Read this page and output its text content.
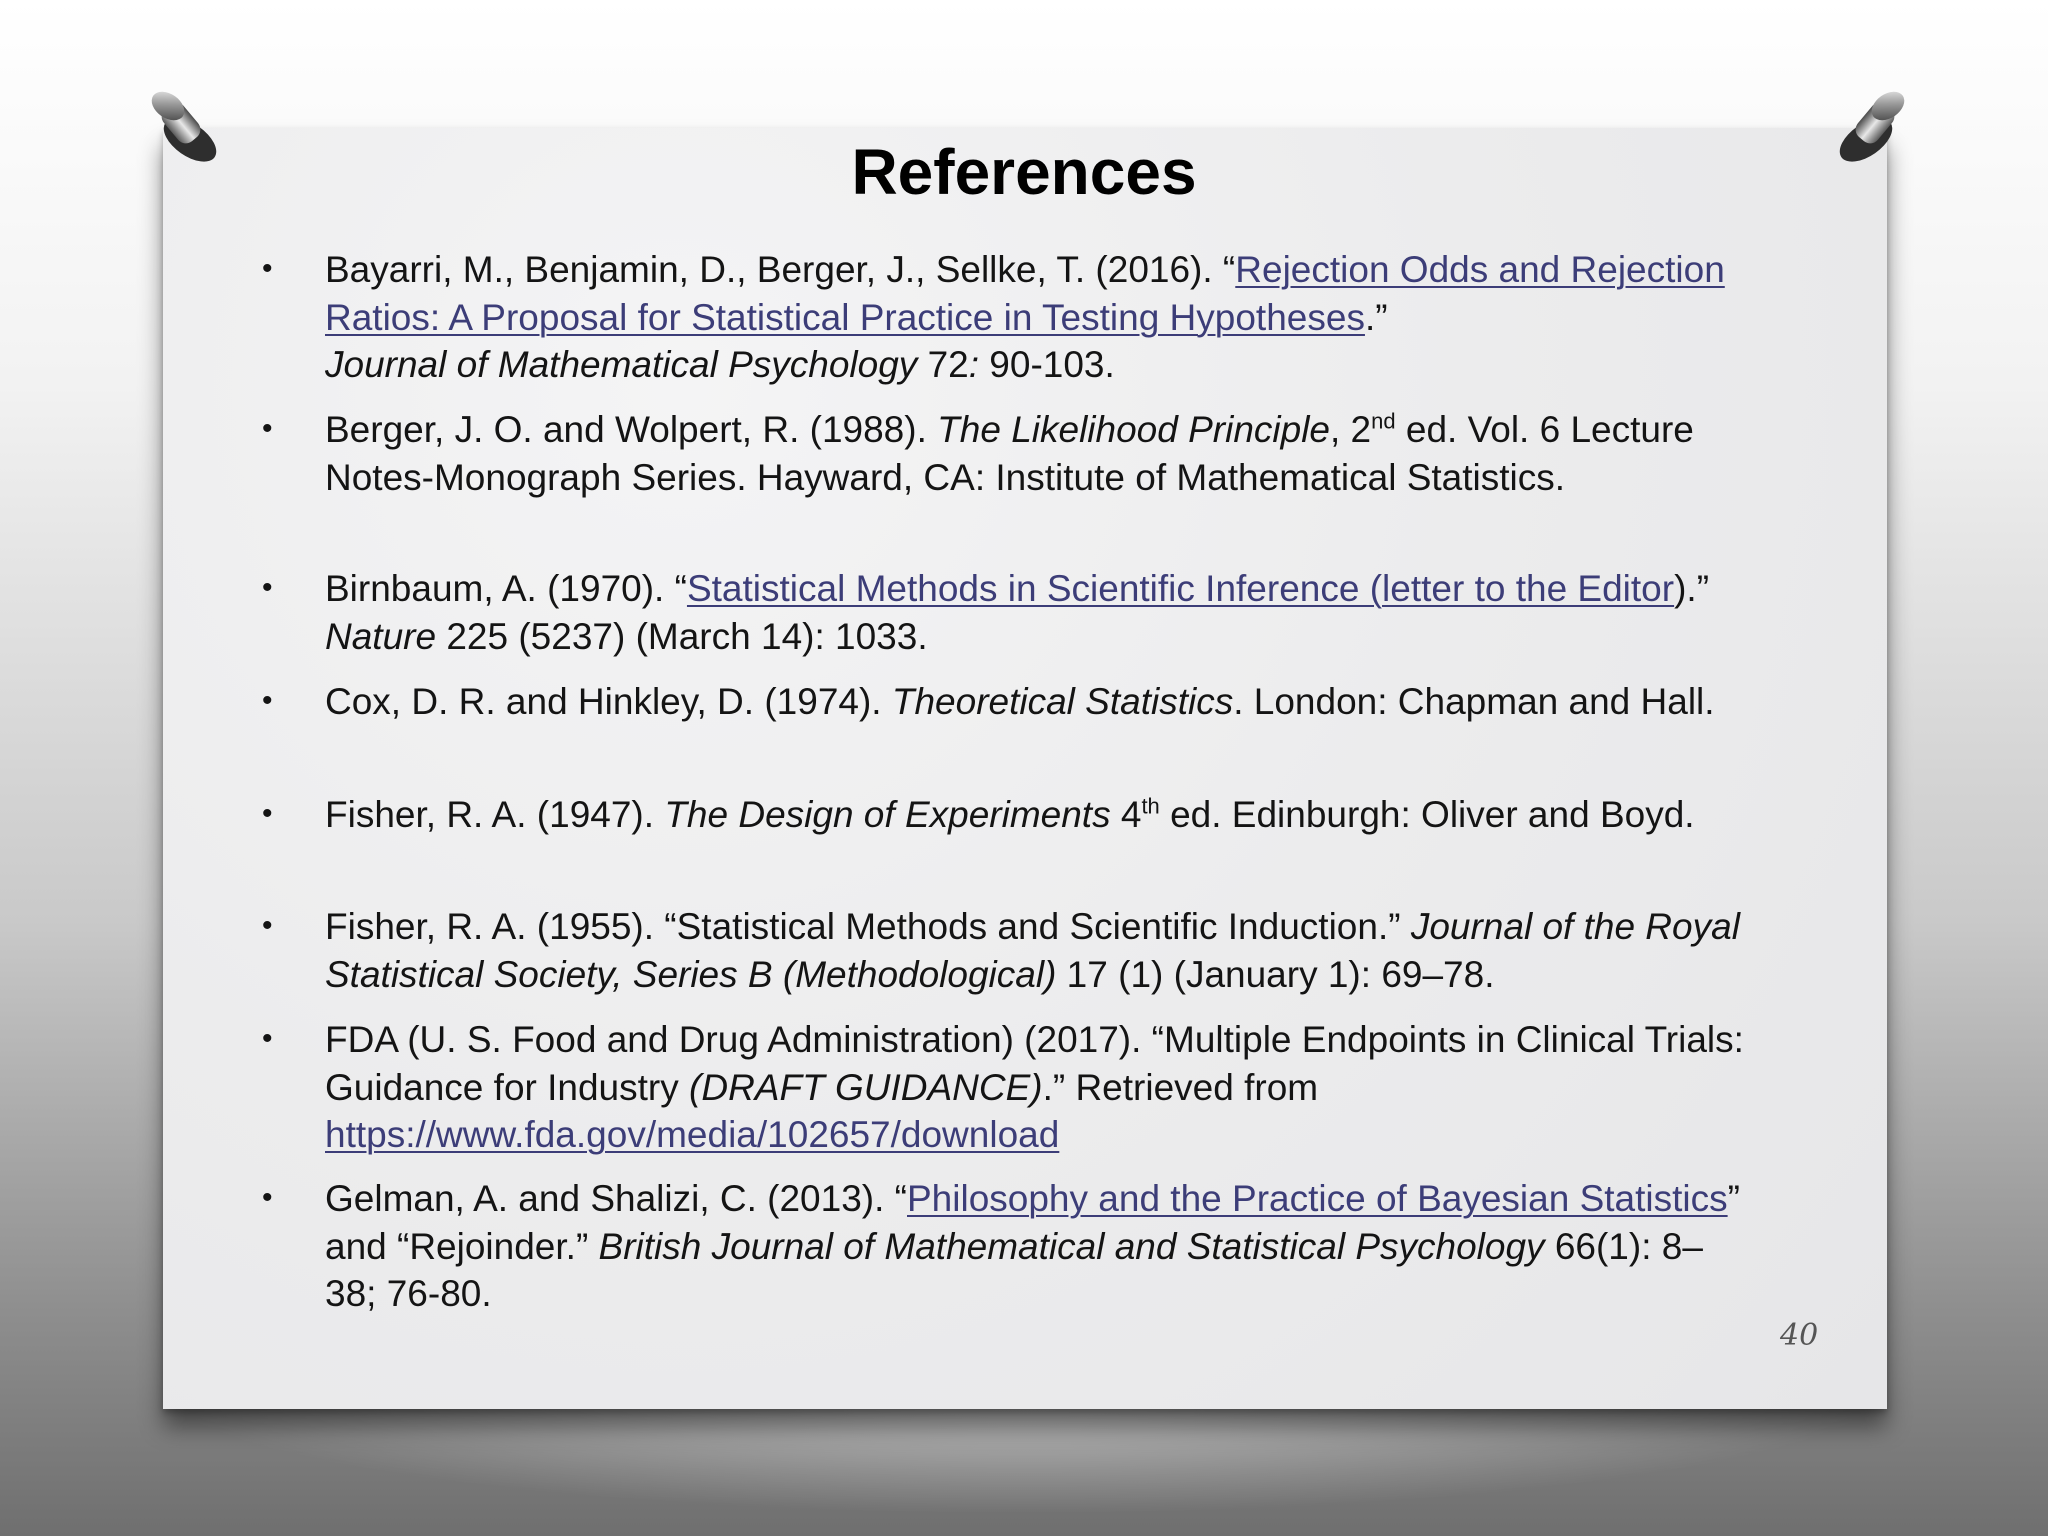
References
• Bayarri, M., Benjamin, D., Berger, J., Sellke, T. (2016). “Rejection Odds and Rejection Ratios: A Proposal for Statistical Practice in Testing Hypotheses.”
Journal of Mathematical Psychology 72: 90-103.
• Berger, J. O. and Wolpert, R. (1988). The Likelihood Principle, 2nd ed. Vol. 6 Lecture Notes-Monograph Series. Hayward, CA: Institute of Mathematical Statistics.
• Birnbaum, A. (1970). “Statistical Methods in Scientific Inference (letter to the Editor).” Nature 225 (5237) (March 14): 1033.
• Cox, D. R. and Hinkley, D. (1974). Theoretical Statistics. London: Chapman and Hall.
• Fisher, R. A. (1947). The Design of Experiments 4th ed. Edinburgh: Oliver and Boyd.
• Fisher, R. A. (1955). “Statistical Methods and Scientific Induction.” Journal of the Royal Statistical Society, Series B (Methodological) 17 (1) (January 1): 69–78.
• FDA (U. S. Food and Drug Administration) (2017). “Multiple Endpoints in Clinical Trials: Guidance for Industry (DRAFT GUIDANCE).” Retrieved from
https://www.fda.gov/media/102657/download
• Gelman, A. and Shalizi, C. (2013). “Philosophy and the Practice of Bayesian Statistics” and “Rejoinder.” British Journal of Mathematical and Statistical Psychology 66(1): 8–38; 76-80.
40
